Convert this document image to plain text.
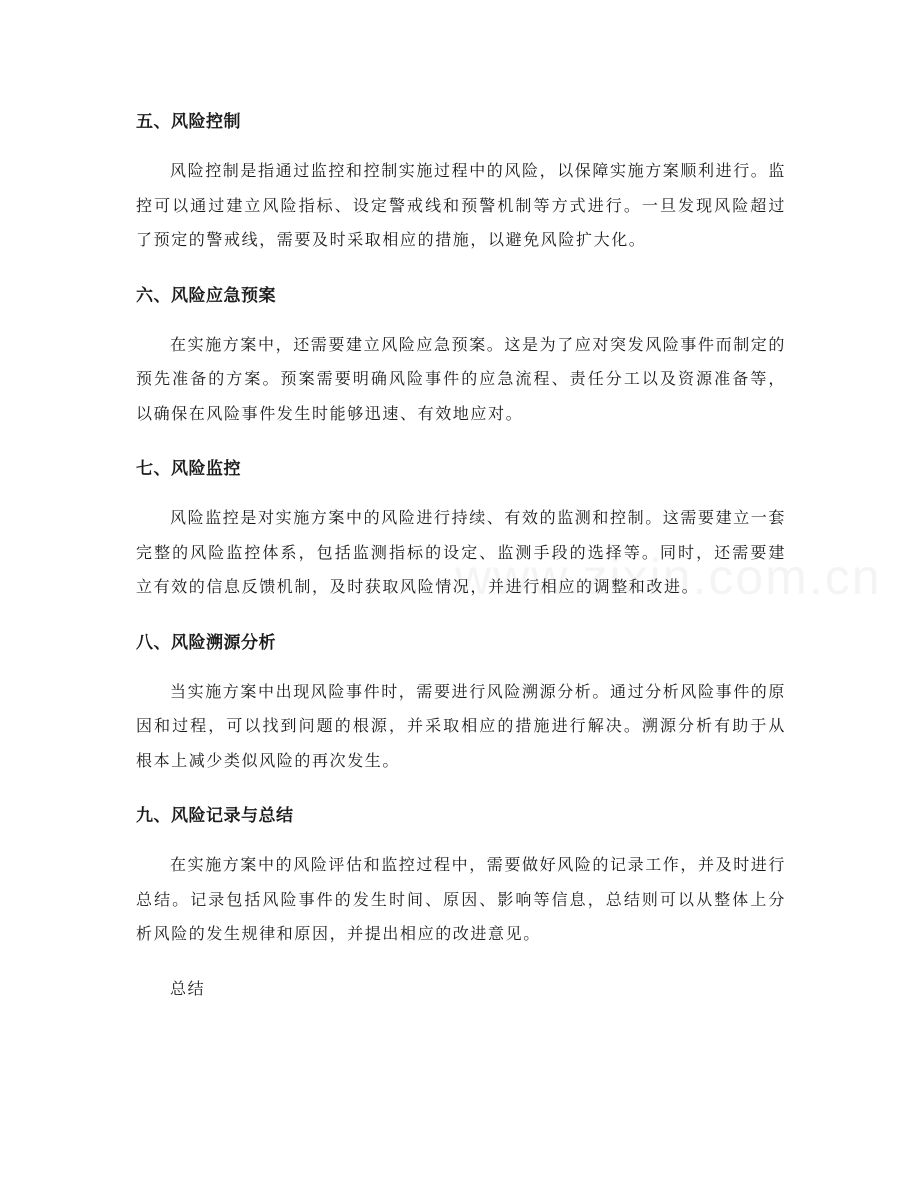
五、风险控制

风险控制是指通过监控和控制实施过程中的风险，以保障实施方案顺利进行。监控可以通过建立风险指标、设定警戒线和预警机制等方式进行。一旦发现风险超过了预定的警戒线，需要及时采取相应的措施，以避免风险扩大化。

六、风险应急预案

在实施方案中，还需要建立风险应急预案。这是为了应对突发风险事件而制定的预先准备的方案。预案需要明确风险事件的应急流程、责任分工以及资源准备等，以确保在风险事件发生时能够迅速、有效地应对。

七、风险监控

风险监控是对实施方案中的风险进行持续、有效的监测和控制。这需要建立一套完整的风险监控体系，包括监测指标的设定、监测手段的选择等。同时，还需要建立有效的信息反馈机制，及时获取风险情况，并进行相应的调整和改进。

八、风险溯源分析

当实施方案中出现风险事件时，需要进行风险溯源分析。通过分析风险事件的原因和过程，可以找到问题的根源，并采取相应的措施进行解决。溯源分析有助于从根本上减少类似风险的再次发生。

九、风险记录与总结

在实施方案中的风险评估和监控过程中，需要做好风险的记录工作，并及时进行总结。记录包括风险事件的发生时间、原因、影响等信息，总结则可以从整体上分析风险的发生规律和原因，并提出相应的改进意见。

总结
